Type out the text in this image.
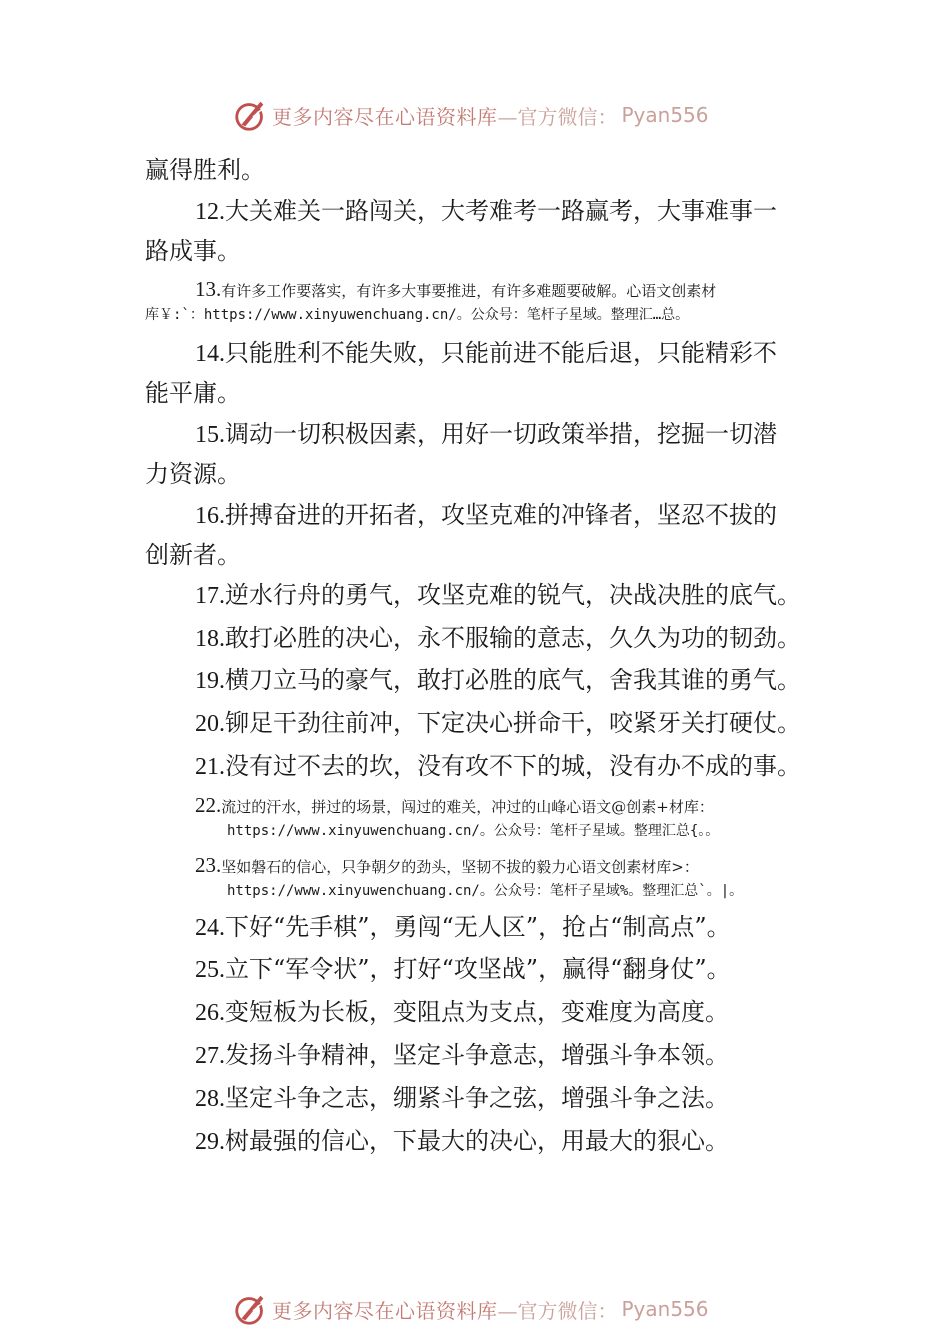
更多内容尽在心语资料库 —官方微信： Pyan556
赢得胜利。
12.大关难关一路闯关，大考难考一路赢考，大事难事一
路成事。
13.有许多工作要落实，有许多大事要推进，有许多难题要破解。心语文创素材
库￥:`：https://www.xinyuwenchuang.cn/。公众号：笔杆子星域。整理汇…总。
14.只能胜利不能失败，只能前进不能后退，只能精彩不
能平庸。
15.调动一切积极因素，用好一切政策举措，挖掘一切潜
力资源。
16.拼搏奋进的开拓者，攻坚克难的冲锋者，坚忍不拔的
创新者。
17.逆水行舟的勇气，攻坚克难的锐气，决战决胜的底气。
18.敢打必胜的决心，永不服输的意志，久久为功的韧劲。
19.横刀立马的豪气，敢打必胜的底气，舍我其谁的勇气。
20.铆足干劲往前冲，下定决心拼命干，咬紧牙关打硬仗。
21.没有过不去的坎，没有攻不下的城，没有办不成的事。
22.流过的汗水，拼过的场景，闯过的难关，冲过的山峰心语文@创素+材库：
https://www.xinyuwenchuang.cn/。公众号：笔杆子星域。整理汇总{。。
23.坚如磐石的信心，只争朝夕的劲头，坚韧不拔的毅力心语文创素材库>：
https://www.xinyuwenchuang.cn/。公众号：笔杆子星域%。整理汇总`。|。
24.下好“先手棋”，勇闯“无人区”，抢占“制高点”。
25.立下“军令状”，打好“攻坚战”，赢得“翻身仗”。
26.变短板为长板，变阻点为支点，变难度为高度。
27.发扬斗争精神，坚定斗争意志，增强斗争本领。
28.坚定斗争之志，绷紧斗争之弦，增强斗争之法。
29.树最强的信心，下最大的决心，用最大的狠心。
更多内容尽在心语资料库 —官方微信： Pyan556
